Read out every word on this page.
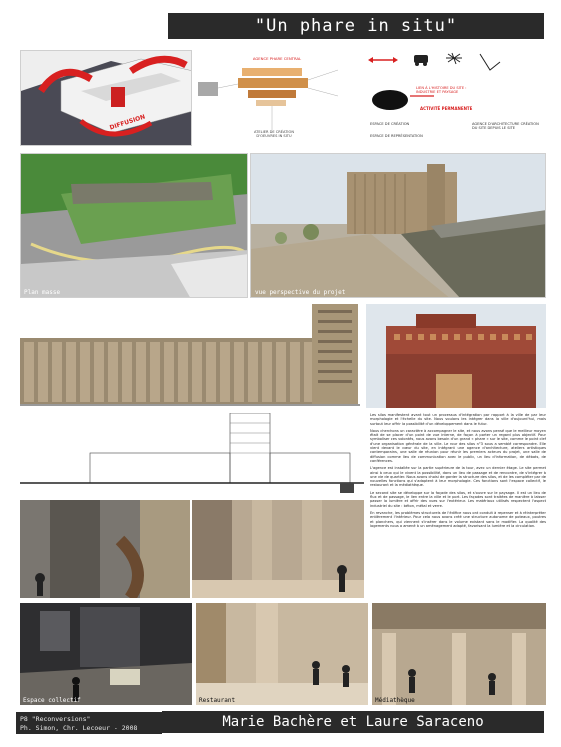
"Un phare in situ"
DIFFUSION
AGENCE PHARE CENTRAL
ATELIER DE CRÉATION D'OEUVRES IN SITU
LIEN À L'HISTOIRE DU SITE : INDUSTRIE ET PAYSAGE
ACTIVITÉ PERMANENTE
ESPACE DE CRÉATION
ESPACE DE REPRÉSENTATION
AGENCE D'ARCHITECTURE CRÉATION DU SITE DEPUIS LE SITE
Plan masse	vue perspective du projet

Les silos manifestent avant tout un processus d'intégration par rapport à la ville de par leur morphologie et l'échelle du site. Nous voulons les intégrer dans la ville d'aujourd'hui, mais surtout leur offrir la possibilité d'un développement dans le futur.

Nous cherchons un caractère à accompagner le site, et nous avons pensé que le meilleur moyen était de se placer d'un point de vue interne, de façon à porter un regard plus objectif. Pour symboliser ces volontés, nous avons besoin d'un grand « phare » sur le site, comme le point clef d'une organisation générale de la ville. Le rour des silos n°3 sous a semblé correspondre. Elle vient devant le cœur du site, en intégrant une agence d'architecture, ateliers artistiques contemporains, une salle de réunion pour réunir les premiers acteurs du projet, une salle de diffusion comme lieu de communication avec le public, un lieu d'information, de débats, de conférences.

L'agence est installée sur la partie supérieure de la tour, avec un dernier étage. Le site permet ainsi à ceux qui le vivent la possibilité, dans un lieu de passage et de rencontre, de s'intégrer à une vie de quartier. Nous avons choisi de garder la structure des silos, et de les compléter par de nouvelles fonctions qui s'adaptent à leur morphologie. Ces fonctions sont l'espace collectif, le restaurant et la médiathèque.

Le second site se développe sur la façade des silos, et s'ouvre sur le paysage. Il est un lieu de flux et de passage, le lien entre la ville et le port. Les façades sont traitées de manière à laisser passer la lumière et offrir des vues sur l'extérieur. Les matériaux utilisés respectent l'aspect industriel du site : béton, métal et verre.

En revanche, les problèmes structurels de l'édifice nous ont conduit à repenser et à réinterpréter entièrement l'intérieur. Pour cela nous avons créé une structure autonome de poteaux, poutres et planchers, qui viennent s'insérer dans le volume existant sans le modifier. La qualité des logements nous a amené à un aménagement adapté, favorisant la lumière et la circulation.

Espace collectif	Restaurant	Médiathèque
P8 "Reconversions"
Ph. Simon, Chr. Lecoeur - 2008	Marie Bachère et Laure Saraceno
